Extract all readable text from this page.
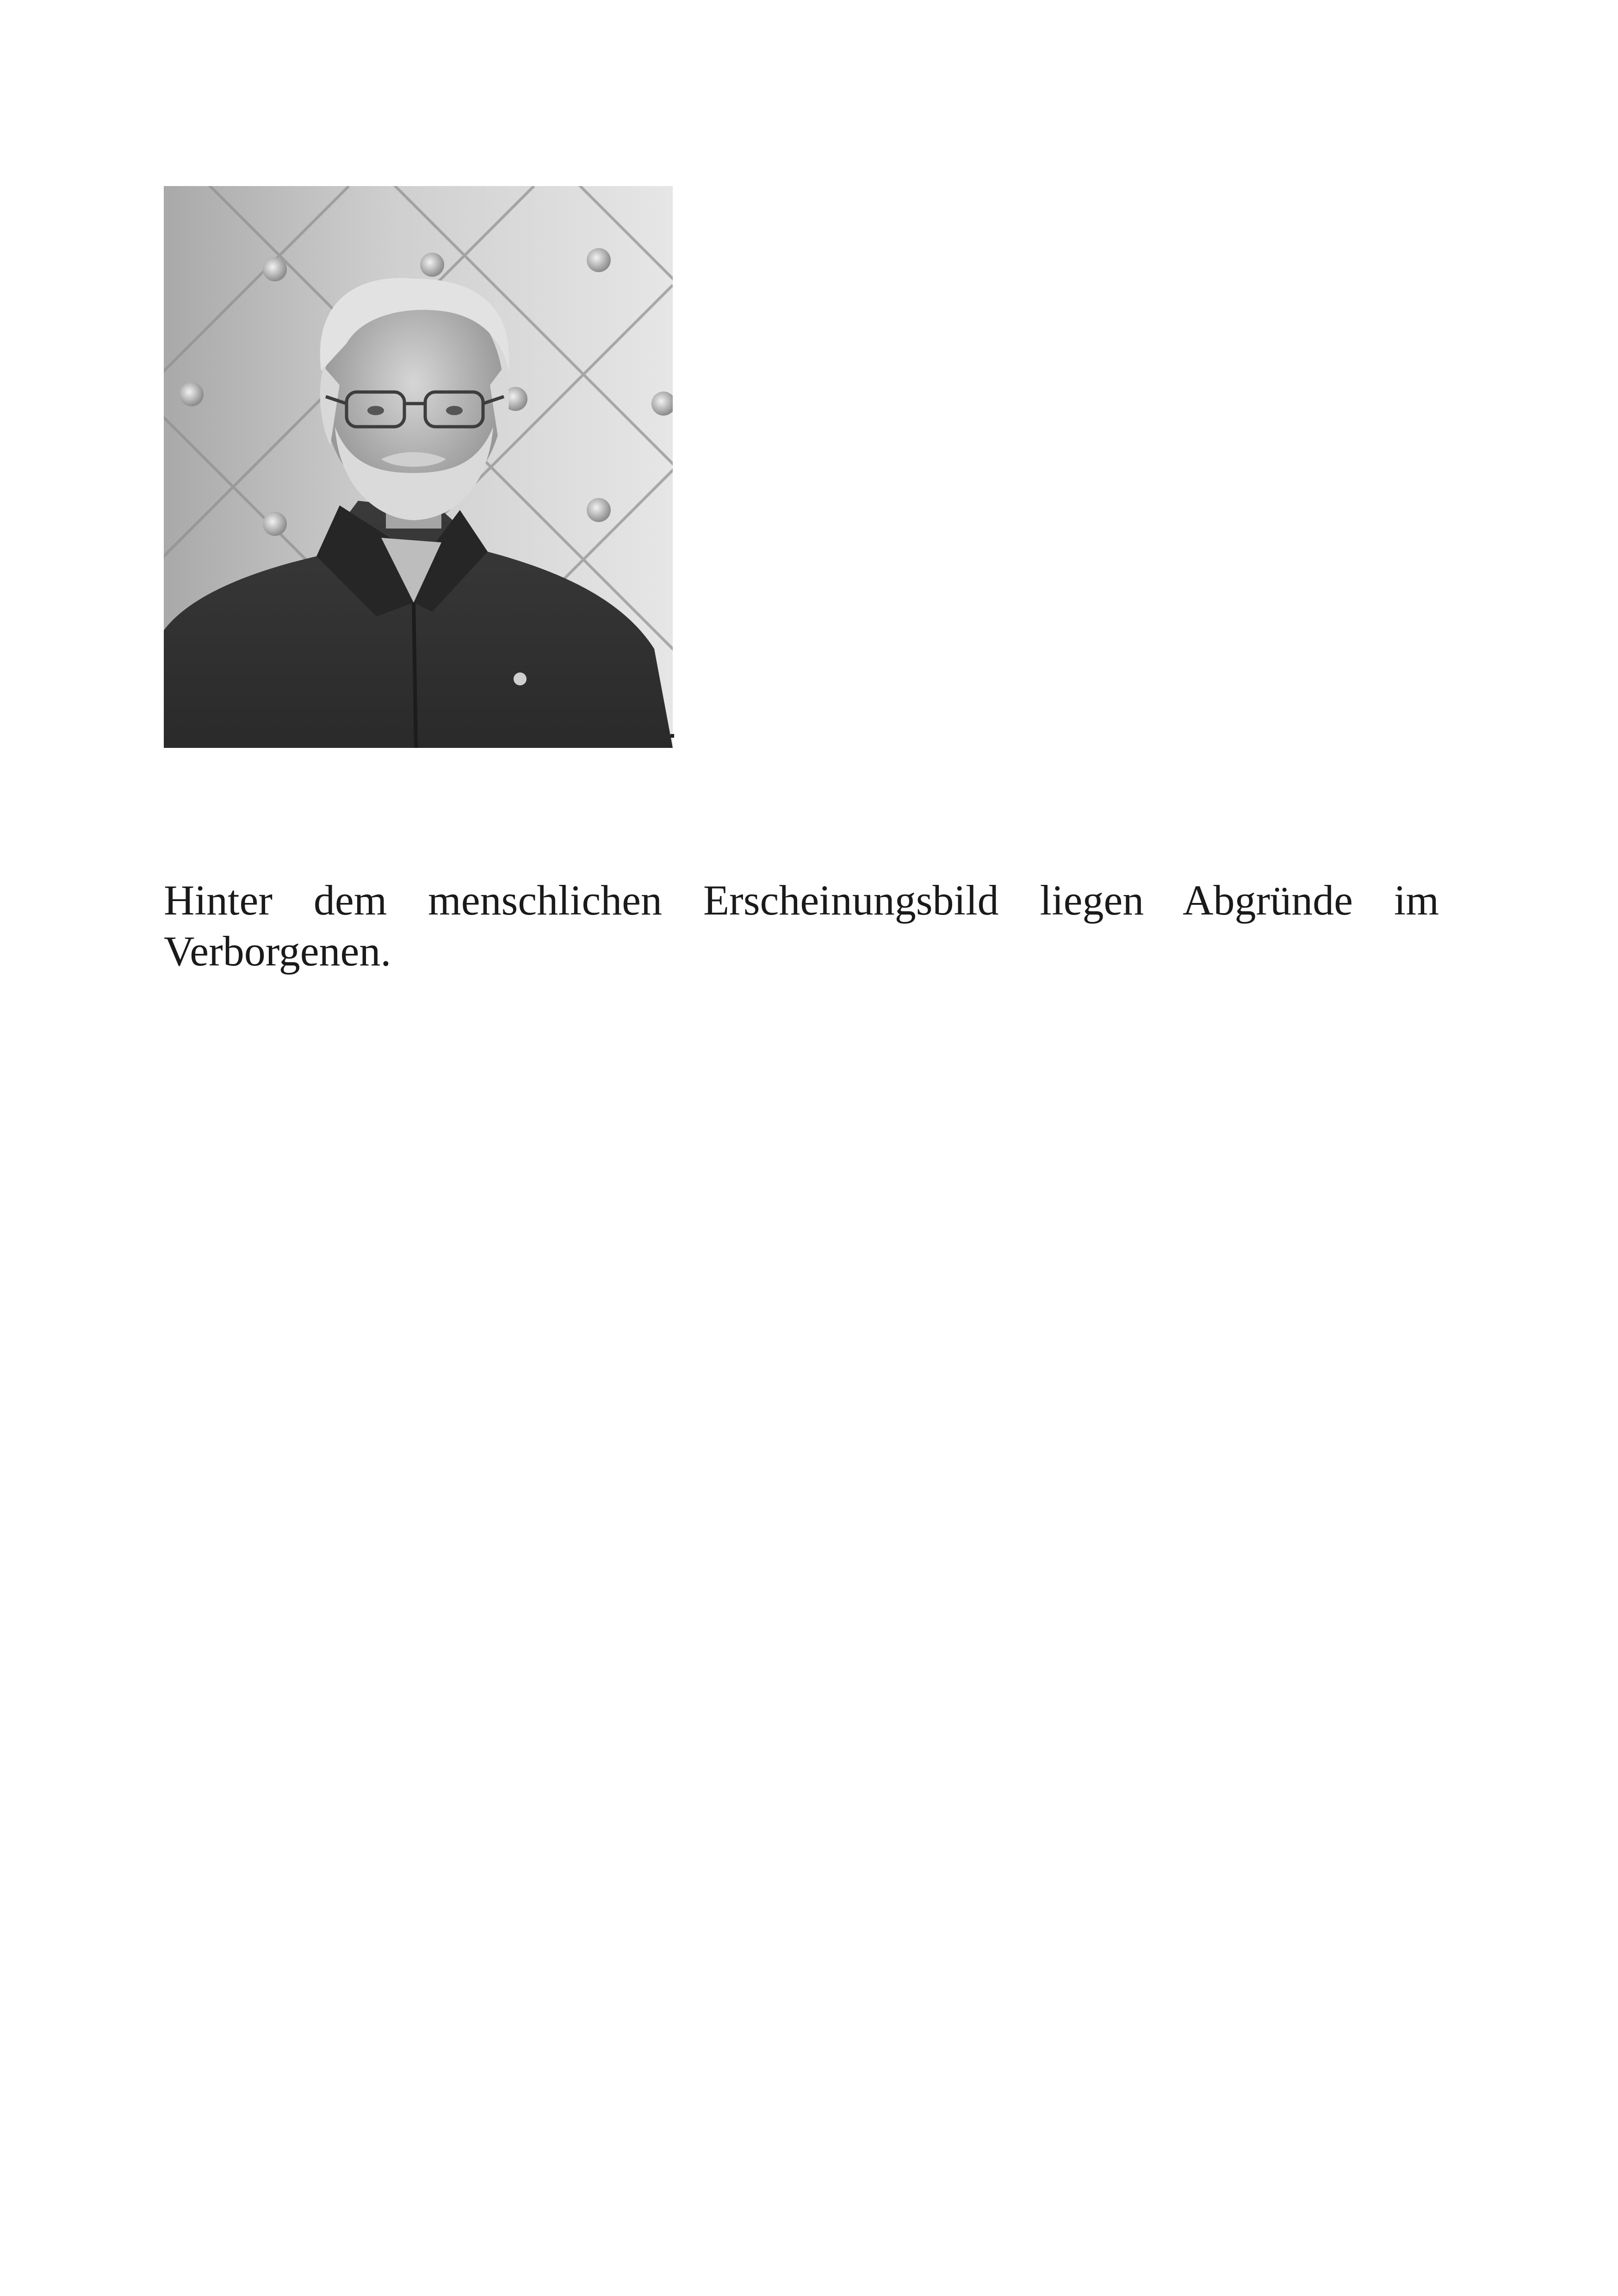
Hinter dem menschlichen Erscheinungsbild liegen Abgründe im Verborgenen.
